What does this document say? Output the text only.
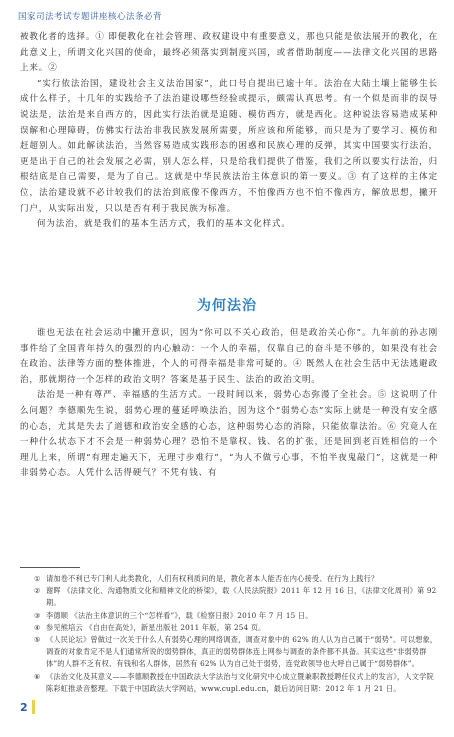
国家司法考试专题讲座核心法条必背

被教化者的选择。① 即便教化在社会管理、政权建设中有重要意义，那也只能是依法展开的教化，在此意义上，所谓文化兴国的使命，最终必须落实到制度兴国，或者借助制度——法律文化兴国的思路上来。②

“实行依法治国，建设社会主义法治国家”，此口号自提出已逾十年。法治在大陆土壤上能够生长成什么样子，十几年的实践给予了法治建设哪些经验或提示，颇需认真思考。有一个似是而非的误导说法是，法治是来自西方的，因此实行法治就是追随、模仿西方，就是西化。这种说法容易造成某种误解和心理障碍，仿佛实行法治非我民族发展所需要，所应该和所能够，而只是为了要学习、模仿和赶超别人。如此解读法治，当然容易造成实践形态的困惑和民族心理的反弹，其实中国要实行法治，更是出于自己的社会发展之必需，别人怎么样，只是给我们提供了借鉴，我们之所以要实行法治，归根结底是自己需要，是为了自己。这就是中华民族法治主体意识的第一要义。③ 有了这样的主体定位，法治建设就不必计较我们的法治到底像不像西方，不怕像西方也不怕不像西方，解放思想，撇开门户，从实际出发，只以是否有利于我民族为标准。

何为法治，就是我们的基本生活方式，我们的基本文化样式。

为何法治

谁也无法在社会运动中撇开意识，因为“你可以不关心政治，但是政治关心你”。九年前的孙志刚事件给了全国青年持久的强烈的内心触动：一个人的幸福，仅靠自己的奋斗是不够的，如果没有社会在政治、法律等方面的整体推进，个人的可得幸福是非常可疑的。④ 既然人在社会生活中无法逃避政治，那就期待一个怎样的政治文明？答案是基于民生、法治的政治文明。

法治是一种有尊严、幸福感的生活方式。一段时间以来，弱势心态弥漫了全社会。⑤ 这说明了什么问题？李德顺先生说，弱势心理的蔓延呼唤法治，因为这个“弱势心态”实际上就是一种没有安全感的心态，尤其是失去了道德和政治安全感的心态，这种弱势心态的消除，只能依靠法治。⑥ 究竟人在一种什么状态下才不会是一种弱势心理？恐怕不是靠权、钱、名的扩张，还是回到老百姓相信的一个理儿上来，所谓“有理走遍天下，无理寸步难行”，“为人不做亏心事，不怕半夜鬼敲门”，这就是一种非弱势心态。人凭什么活得硬气？不凭有钱、有

① 请加卷不利已专门利人此类教化，人们有权利质问的是，教化者本人能否在内心接受、在行为上践行？

② 谢晖 《法律文化、沟通物质文化和精神文化的桥梁》，载《人民法院报》2011 年 12 月 16 日，《法律文化周刊》第 92 期。

③ 李德顺 《法治主体意识的三个“怎样看”》，载《检察日报》2010 年 7 月 15 日。

④ 参见熊培云 《自由在高处》，新星出版社 2011 年版，第 254 页。

⑤ 《人民论坛》曾做过一次关于什么人有弱势心理的网络调查，调查对象中的 62% 的人认为自己属于“弱势”。可以想象，调查的对象肯定不是人们通常所说的弱势群体，真正的弱势群体连上网参与调查的条件都不具备。其实这些“非弱势群体”的人群不乏有权、有钱和名人群体，居然有 62% 认为自己处于弱势，连党政领导也大呼自己属于“弱势群体”。

⑥ 《法治文化及其意义——李德顺教授在中国政法大学法治与文化研究中心成立暨兼职教授聘任仪式上的发言》，人文学院陈彩虹推录音整理。下载于中国政法大学网站，www.cupl.edu.cn，最后访问日期：2012 年 1 月 21 日。

2
